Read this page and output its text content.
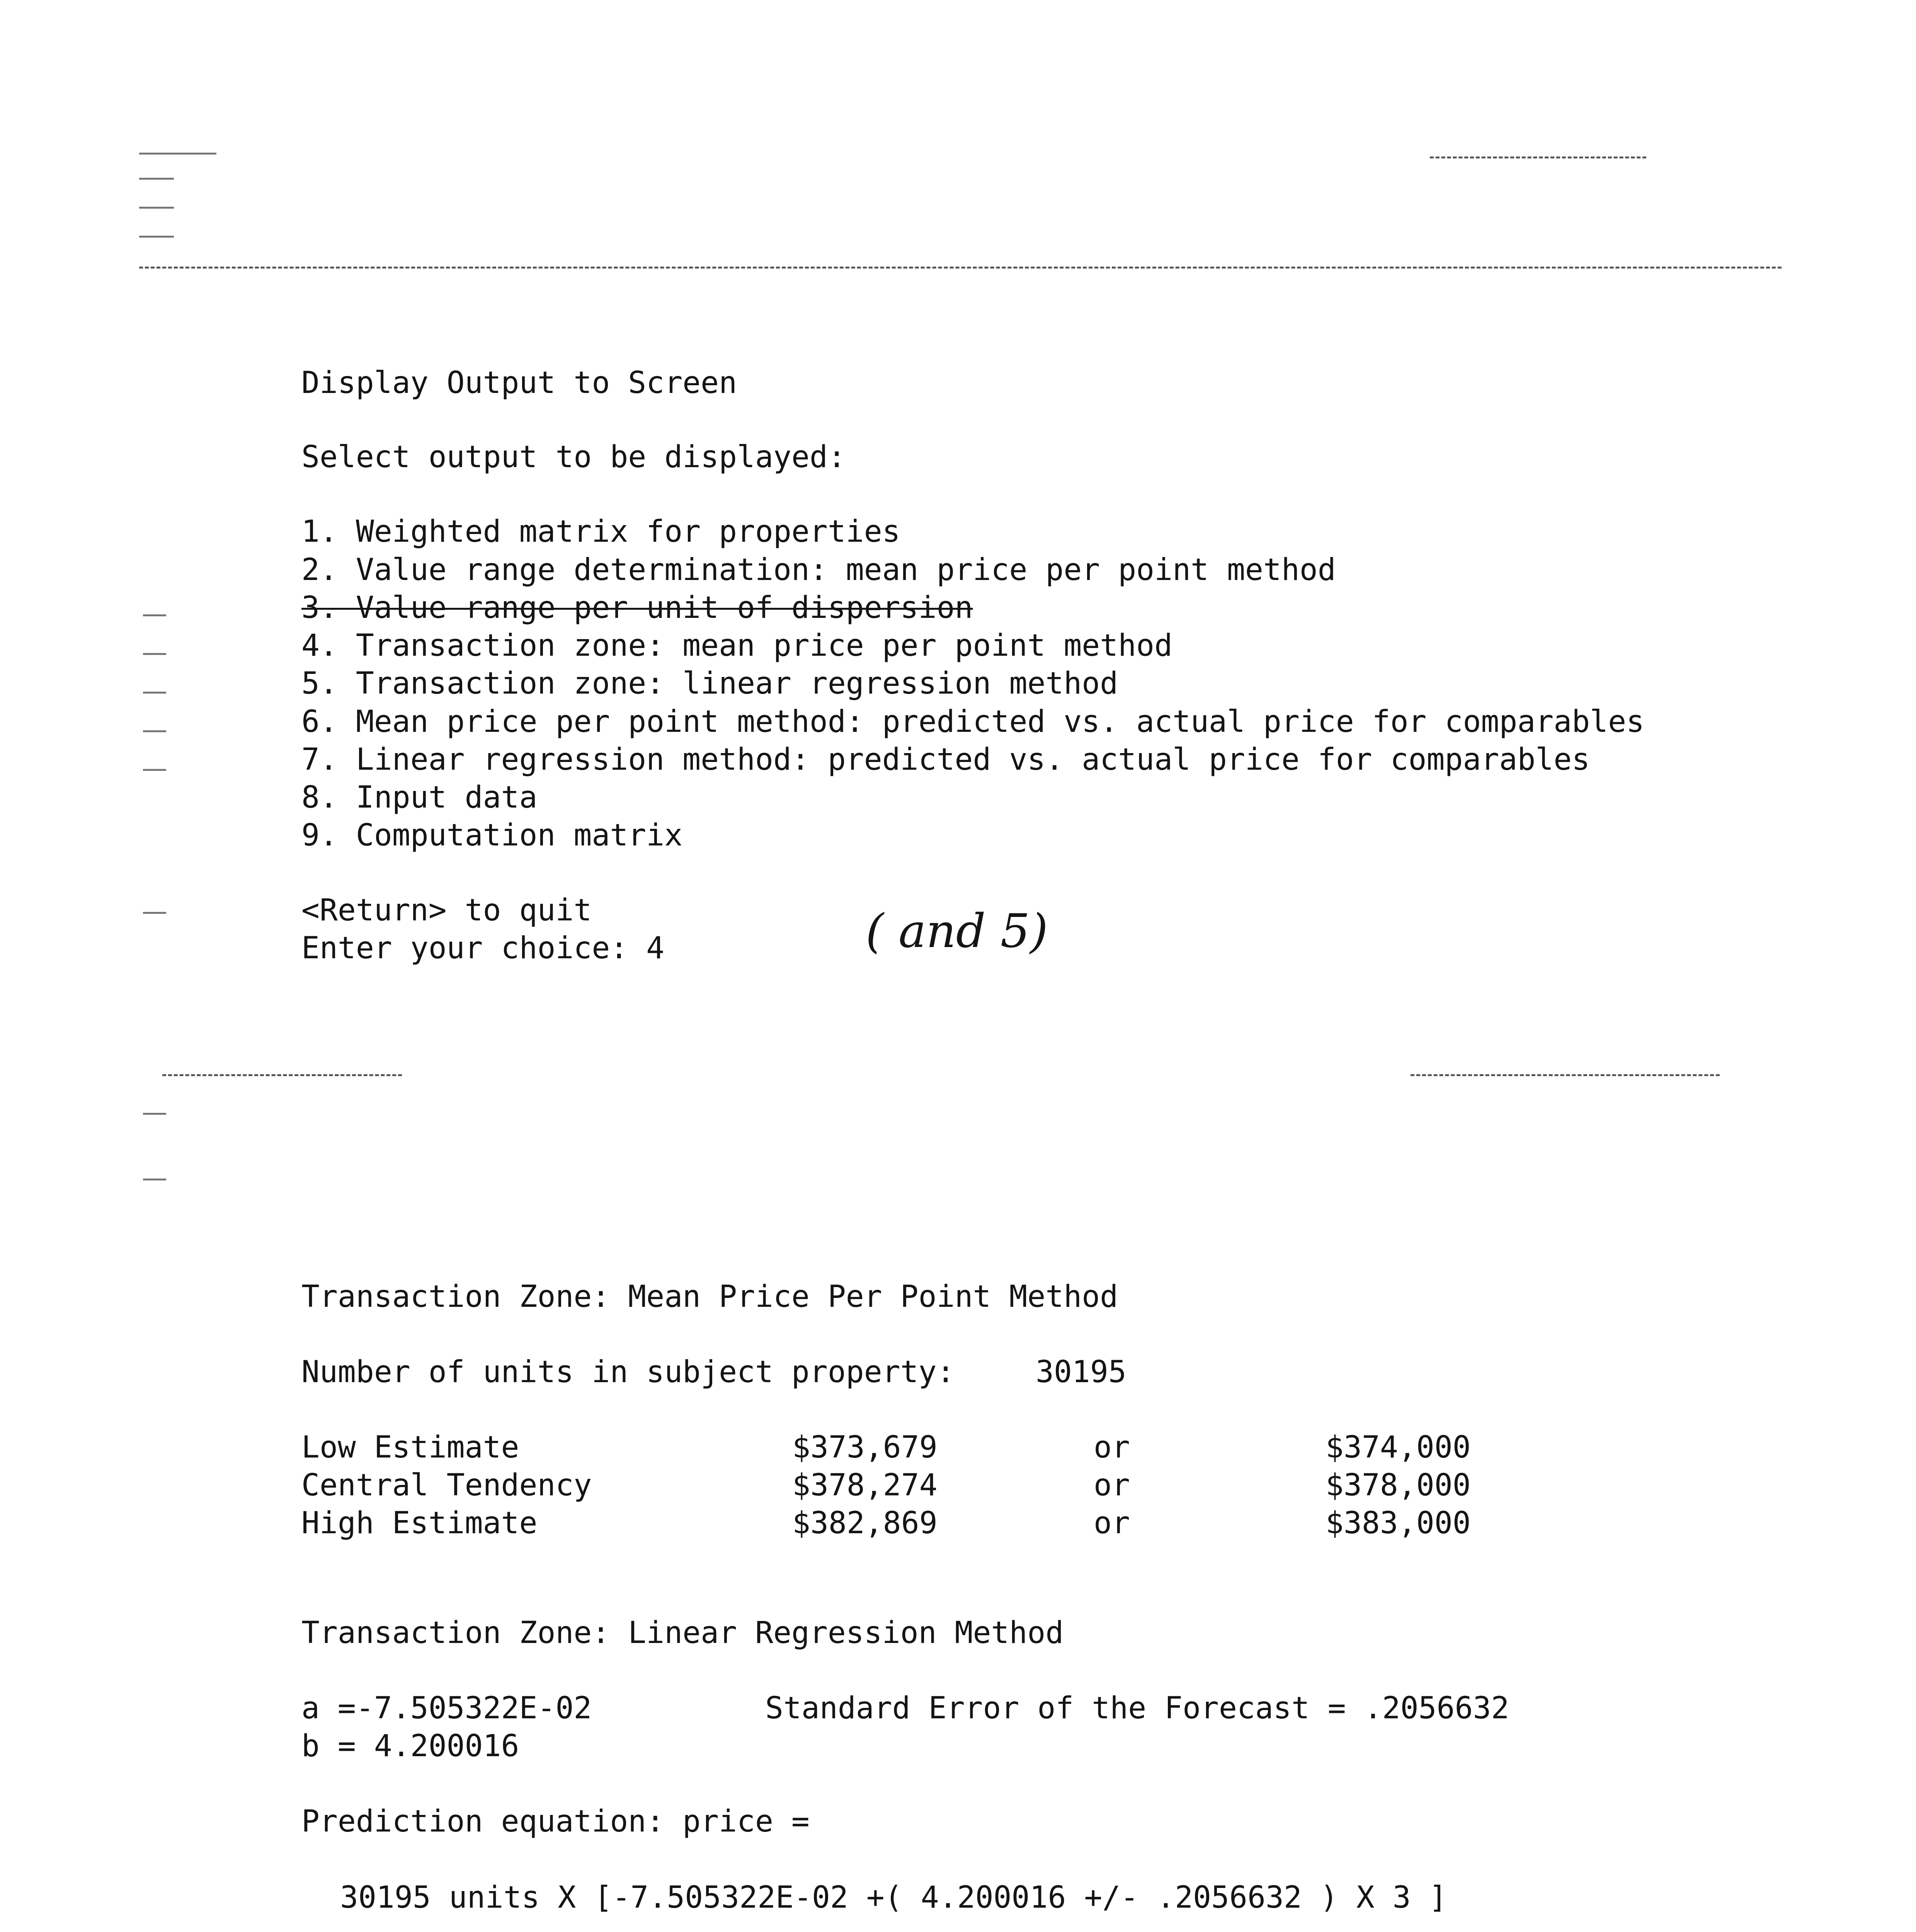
Display Output to Screen
Select output to be displayed:
1. Weighted matrix for properties
2. Value range determination: mean price per point method
3. Value range per unit of dispersion
4. Transaction zone: mean price per point method
5. Transaction zone: linear regression method
6. Mean price per point method: predicted vs. actual price for comparables
7. Linear regression method: predicted vs. actual price for comparables
8. Input data
9. Computation matrix
<Return> to quit
Enter your choice: 4	( and 5)
Transaction Zone: Mean Price Per Point Method
Number of units in subject property:	30195
Low Estimate	$373,679	or	$374,000
Central Tendency	$378,274	or	$378,000
High Estimate	$382,869	or	$383,000
Transaction Zone: Linear Regression Method
a =-7.505322E-02	Standard Error of the Forecast = .2056632
b = 4.200016
Prediction equation: price =
30195 units X [-7.505322E-02 +( 4.200016 +/- .2056632 ) X 3 ]
